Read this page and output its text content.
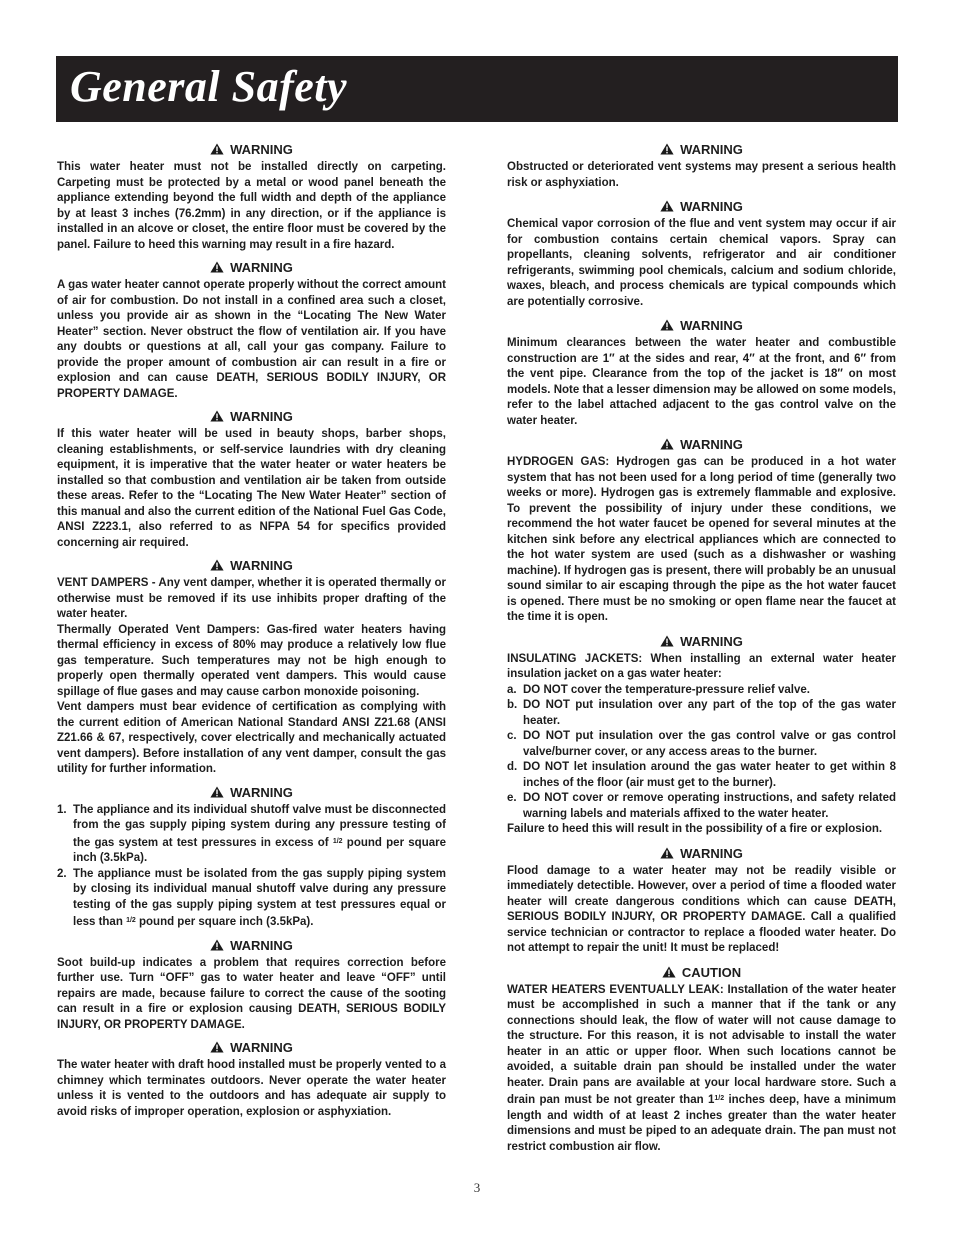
General Safety
WARNING

This water heater must not be installed directly on carpeting. Carpeting must be protected by a metal or wood panel beneath the appliance extending beyond the full width and depth of the appliance by at least 3 inches (76.2mm) in any direction, or if the appliance is installed in an alcove or closet, the entire floor must be covered by the panel. Failure to heed this warning may result in a fire hazard.

WARNING

A gas water heater cannot operate properly without the correct amount of air for combustion. Do not install in a confined area such a closet, unless you provide air as shown in the “Locating The New Water Heater” section. Never obstruct the flow of ventilation air. If you have any doubts or questions at all, call your gas company. Failure to provide the proper amount of combustion air can result in a fire or explosion and can cause DEATH, SERIOUS BODILY INJURY, OR PROPERTY DAMAGE.

WARNING

If this water heater will be used in beauty shops, barber shops, cleaning establishments, or self-service laundries with dry cleaning equipment, it is imperative that the water heater or water heaters be installed so that combustion and ventilation air be taken from outside these areas. Refer to the “Locating The New Water Heater” section of this manual and also the current edition of the National Fuel Gas Code, ANSI Z223.1, also referred to as NFPA 54 for specifics provided concerning air required.

WARNING

VENT DAMPERS - Any vent damper, whether it is operated thermally or otherwise must be removed if its use inhibits proper drafting of the water heater.

Thermally Operated Vent Dampers: Gas-fired water heaters having thermal efficiency in excess of 80% may produce a relatively low flue gas temperature. Such temperatures may not be high enough to properly open thermally operated vent dampers. This would cause spillage of flue gases and may cause carbon monoxide poisoning.

Vent dampers must bear evidence of certification as complying with the current edition of American National Standard ANSI Z21.68 (ANSI Z21.66 & 67, respectively, cover electrically and mechanically actuated vent dampers). Before installation of any vent damper, consult the gas utility for further information.

WARNING
1. The appliance and its individual shutoff valve must be disconnected from the gas supply piping system during any pressure testing of the gas system at test pressures in excess of $^{1/2}$ pound per square inch (3.5kPa).
2. The appliance must be isolated from the gas supply piping system by closing its individual manual shutoff valve during any pressure testing of the gas supply piping system at test pressures equal or less than $^{1/2}$ pound per square inch (3.5kPa).
WARNING

Soot build-up indicates a problem that requires correction before further use. Turn “OFF” gas to water heater and leave “OFF” until repairs are made, because failure to correct the cause of the sooting can result in a fire or explosion causing DEATH, SERIOUS BODILY INJURY, OR PROPERTY DAMAGE.

WARNING

The water heater with draft hood installed must be properly vented to a chimney which terminates outdoors. Never operate the water heater unless it is vented to the outdoors and has adequate air supply to avoid risks of improper operation, explosion or asphyxiation.

WARNING

Obstructed or deteriorated vent systems may present a serious health risk or asphyxiation.

WARNING

Chemical vapor corrosion of the flue and vent system may occur if air for combustion contains certain chemical vapors. Spray can propellants, cleaning solvents, refrigerator and air conditioner refrigerants, swimming pool chemicals, calcium and sodium chloride, waxes, bleach, and process chemicals are typical compounds which are potentially corrosive.

WARNING

Minimum clearances between the water heater and combustible construction are 1″ at the sides and rear, 4″ at the front, and 6″ from the vent pipe. Clearance from the top of the jacket is 18″ on most models. Note that a lesser dimension may be allowed on some models, refer to the label attached adjacent to the gas control valve on the water heater.

WARNING

HYDROGEN GAS: Hydrogen gas can be produced in a hot water system that has not been used for a long period of time (generally two weeks or more). Hydrogen gas is extremely flammable and explosive. To prevent the possibility of injury under these conditions, we recommend the hot water faucet be opened for several minutes at the kitchen sink before any electrical appliances which are connected to the hot water system are used (such as a dishwasher or washing machine). If hydrogen gas is present, there will probably be an unusual sound similar to air escaping through the pipe as the hot water faucet is opened. There must be no smoking or open flame near the faucet at the time it is open.

WARNING

INSULATING JACKETS: When installing an external water heater insulation jacket on a gas water heater:

a. DO NOT cover the temperature-pressure relief valve.
b. DO NOT put insulation over any part of the top of the gas water heater.
c. DO NOT put insulation over the gas control valve or gas control valve/burner cover, or any access areas to the burner.
d. DO NOT let insulation around the gas water heater to get within 8 inches of the floor (air must get to the burner).
e. DO NOT cover or remove operating instructions, and safety related warning labels and materials affixed to the water heater.

Failure to heed this will result in the possibility of a fire or explosion.

WARNING

Flood damage to a water heater may not be readily visible or immediately detectible. However, over a period of time a flooded water heater will create dangerous conditions which can cause DEATH, SERIOUS BODILY INJURY, OR PROPERTY DAMAGE. Call a qualified service technician or contractor to replace a flooded water heater. Do not attempt to repair the unit! It must be replaced!

CAUTION

WATER HEATERS EVENTUALLY LEAK: Installation of the water heater must be accomplished in such a manner that if the tank or any connections should leak, the flow of water will not cause damage to the structure. For this reason, it is not advisable to install the water heater in an attic or upper floor. When such locations cannot be avoided, a suitable drain pan should be installed under the water heater. Drain pans are available at your local hardware store. Such a drain pan must be not greater than $1^{1/2}$ inches deep, have a minimum length and width of at least 2 inches greater than the water heater dimensions and must be piped to an adequate drain. The pan must not restrict combustion air flow.

3
